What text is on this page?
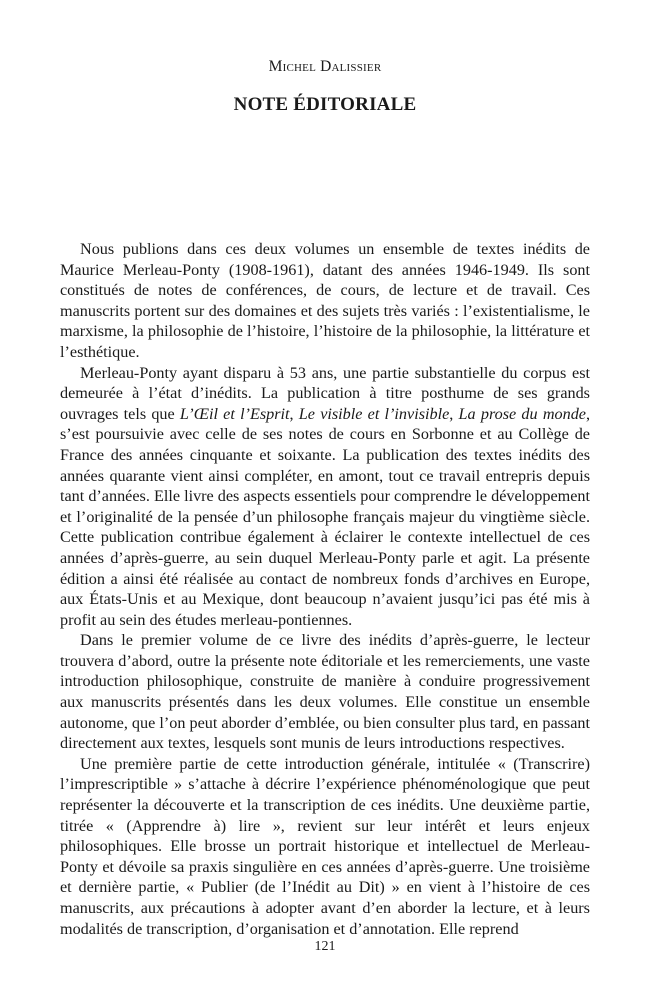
Michel Dalissier
NOTE ÉDITORIALE

Nous publions dans ces deux volumes un ensemble de textes inédits de Maurice Merleau-Ponty (1908-1961), datant des années 1946-1949. Ils sont constitués de notes de conférences, de cours, de lecture et de travail. Ces manuscrits portent sur des domaines et des sujets très variés : l’existentialisme, le marxisme, la philosophie de l’histoire, l’histoire de la philosophie, la littérature et l’esthétique.

Merleau-Ponty ayant disparu à 53 ans, une partie substantielle du corpus est demeurée à l’état d’inédits. La publication à titre posthume de ses grands ouvrages tels que L’Œil et l’Esprit, Le visible et l’invisible, La prose du monde, s’est poursuivie avec celle de ses notes de cours en Sorbonne et au Collège de France des années cinquante et soixante. La publication des textes inédits des années quarante vient ainsi compléter, en amont, tout ce travail entrepris depuis tant d’années. Elle livre des aspects essentiels pour comprendre le développement et l’originalité de la pensée d’un philosophe français majeur du vingtième siècle. Cette publication contribue également à éclairer le contexte intellectuel de ces années d’après-guerre, au sein duquel Merleau-Ponty parle et agit. La présente édition a ainsi été réalisée au contact de nombreux fonds d’archives en Europe, aux États-Unis et au Mexique, dont beaucoup n’avaient jusqu’ici pas été mis à profit au sein des études merleau-pontiennes.

Dans le premier volume de ce livre des inédits d’après-guerre, le lecteur trouvera d’abord, outre la présente note éditoriale et les remerciements, une vaste introduction philosophique, construite de manière à conduire progressivement aux manuscrits présentés dans les deux volumes. Elle constitue un ensemble autonome, que l’on peut aborder d’emblée, ou bien consulter plus tard, en passant directement aux textes, lesquels sont munis de leurs introductions respectives.

Une première partie de cette introduction générale, intitulée « (Transcrire) l’imprescriptible » s’attache à décrire l’expérience phénoménologique que peut représenter la découverte et la transcription de ces inédits. Une deuxième partie, titrée « (Apprendre à) lire », revient sur leur intérêt et leurs enjeux philosophiques. Elle brosse un portrait historique et intellectuel de Merleau-Ponty et dévoile sa praxis singulière en ces années d’après-guerre. Une troisième et dernière partie, « Publier (de l’Inédit au Dit) » en vient à l’histoire de ces manuscrits, aux précautions à adopter avant d’en aborder la lecture, et à leurs modalités de transcription, d’organisation et d’annotation. Elle reprend

121
